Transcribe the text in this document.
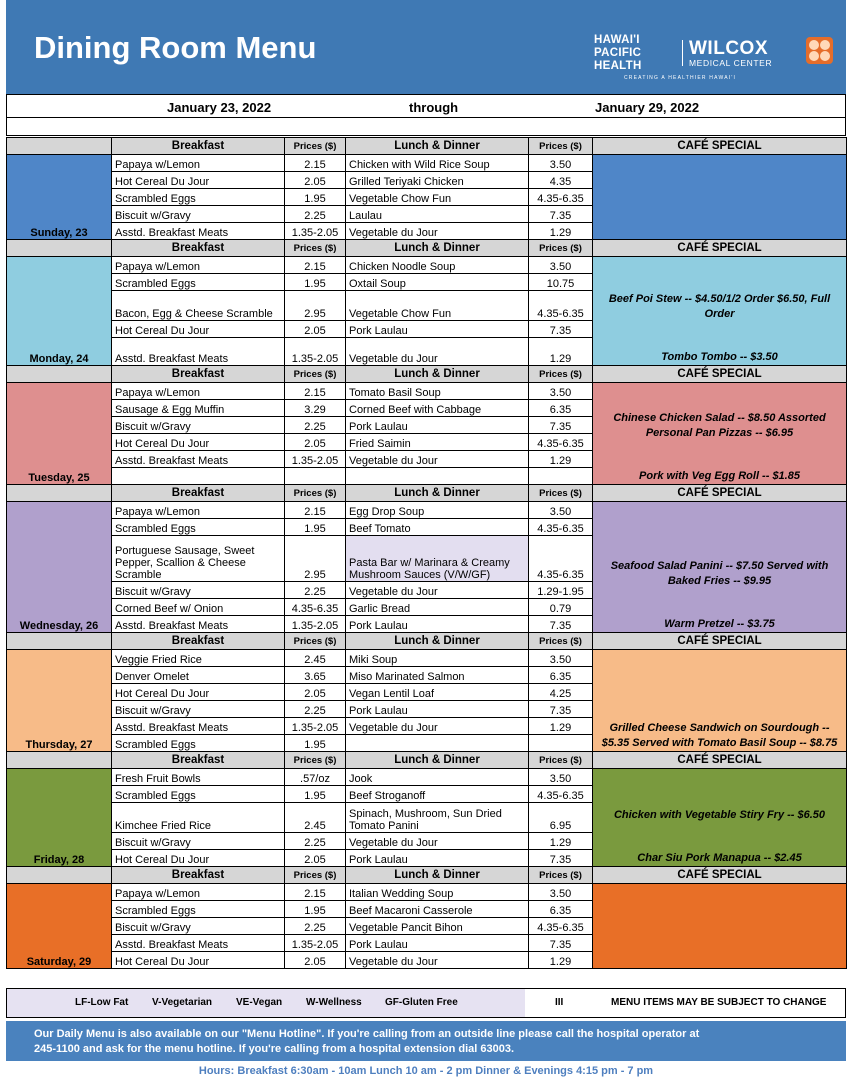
Dining Room Menu	HAWAI'I
PACIFIC
HEALTH
CREATING A HEALTHIER HAWAI'I
WILCOX
MEDICAL CENTER
January 23, 2022	through	January 29, 2022
	Breakfast	Prices ($)	Lunch & Dinner	Prices ($)	CAFÉ SPECIAL
Sunday, 23	Papaya w/Lemon	2.15	Chicken with Wild Rice Soup	3.50	
	Hot Cereal Du Jour	2.05	Grilled Teriyaki Chicken	4.35	
	Scrambled Eggs	1.95	Vegetable Chow Fun	4.35-6.35	
	Biscuit w/Gravy	2.25	Laulau	7.35	
	Asstd. Breakfast Meats	1.35-2.05	Vegetable du Jour	1.29	
	Breakfast	Prices ($)	Lunch & Dinner	Prices ($)	CAFÉ SPECIAL
Monday, 24	Papaya w/Lemon	2.15	Chicken Noodle Soup	3.50	Beef Poi Stew -- $4.50/1/2 Order $6.50, Full Order
Tombo Tombo -- $3.50

	Scrambled Eggs	1.95	Oxtail Soup	10.75	
	Bacon, Egg & Cheese Scramble	2.95	Vegetable Chow Fun	4.35-6.35	
	Hot Cereal Du Jour	2.05	Pork Laulau	7.35	
	Asstd. Breakfast Meats	1.35-2.05	Vegetable du Jour	1.29	
	Breakfast	Prices ($)	Lunch & Dinner	Prices ($)	CAFÉ SPECIAL
Tuesday, 25	Papaya w/Lemon	2.15	Tomato Basil Soup	3.50	Chinese Chicken Salad -- $8.50 Assorted Personal Pan Pizzas -- $6.95
Pork with Veg Egg Roll -- $1.85

	Sausage & Egg Muffin	3.29	Corned Beef with Cabbage	6.35	
	Biscuit w/Gravy	2.25	Pork Laulau	7.35	
	Hot Cereal Du Jour	2.05	Fried Saimin	4.35-6.35	
	Asstd. Breakfast Meats	1.35-2.05	Vegetable du Jour	1.29	

	Breakfast	Prices ($)	Lunch & Dinner	Prices ($)	CAFÉ SPECIAL
Wednesday, 26	Papaya w/Lemon	2.15	Egg Drop Soup	3.50	Seafood Salad Panini -- $7.50 Served with Baked Fries -- $9.95
Warm Pretzel -- $3.75

	Scrambled Eggs	1.95	Beef Tomato	4.35-6.35	
	Portuguese Sausage, Sweet Pepper, Scallion & Cheese Scramble	2.95	Pasta Bar w/ Marinara & Creamy Mushroom Sauces (V/W/GF)	4.35-6.35	
	Biscuit w/Gravy	2.25	Vegetable du Jour	1.29-1.95	
	Corned Beef w/ Onion	4.35-6.35	Garlic Bread	0.79	
	Asstd. Breakfast Meats	1.35-2.05	Pork Laulau	7.35	
	Breakfast	Prices ($)	Lunch & Dinner	Prices ($)	CAFÉ SPECIAL
Thursday, 27	Veggie Fried Rice	2.45	Miki Soup	3.50	Grilled Cheese Sandwich on Sourdough -- $5.35 Served with Tomato Basil Soup -- $8.75

	Denver Omelet	3.65	Miso Marinated Salmon	6.35	
	Hot Cereal Du Jour	2.05	Vegan Lentil Loaf	4.25	
	Biscuit w/Gravy	2.25	Pork Laulau	7.35	
	Asstd. Breakfast Meats	1.35-2.05	Vegetable du Jour	1.29	
	Scrambled Eggs	1.95			
	Breakfast	Prices ($)	Lunch & Dinner	Prices ($)	CAFÉ SPECIAL
Friday, 28	Fresh Fruit Bowls	.57/oz	Jook	3.50	Chicken with Vegetable Stiry Fry -- $6.50
Char Siu Pork Manapua -- $2.45

	Scrambled Eggs	1.95	Beef Stroganoff	4.35-6.35	
	Kimchee Fried Rice	2.45	Spinach, Mushroom, Sun Dried Tomato Panini	6.95	
	Biscuit w/Gravy	2.25	Vegetable du Jour	1.29	
	Hot Cereal Du Jour	2.05	Pork Laulau	7.35	
	Breakfast	Prices ($)	Lunch & Dinner	Prices ($)	CAFÉ SPECIAL
Saturday, 29	Papaya w/Lemon	2.15	Italian Wedding Soup	3.50	
	Scrambled Eggs	1.95	Beef Macaroni Casserole	6.35	
	Biscuit w/Gravy	2.25	Vegetable Pancit Bihon	4.35-6.35	
	Asstd. Breakfast Meats	1.35-2.05	Pork Laulau	7.35	
	Hot Cereal Du Jour	2.05	Vegetable du Jour	1.29	
LF-Low Fat V-Vegetarian VE-Vegan W-Wellness GF-Gluten Free	III	MENU ITEMS MAY BE SUBJECT TO CHANGE
Our Daily Menu is also available on our "Menu Hotline". If you're calling from an outside line please call the hospital operator at
245-1100 and ask for the menu hotline. If you're calling from a hospital extension dial 63003.
Hours: Breakfast 6:30am - 10am Lunch 10 am - 2 pm Dinner & Evenings 4:15 pm - 7 pm
